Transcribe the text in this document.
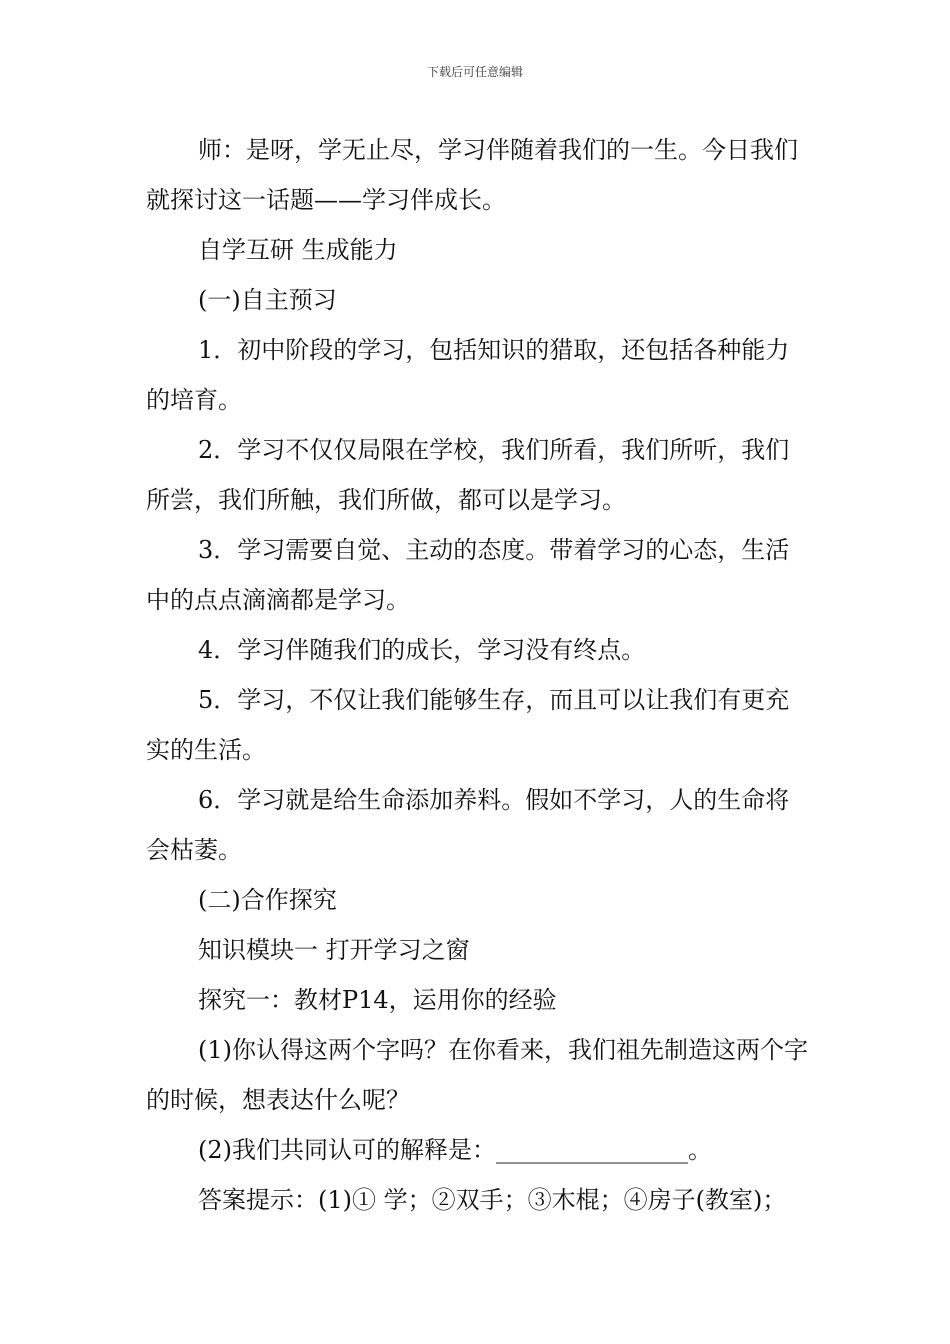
下载后可任意编辑

师：是呀，学无止尽，学习伴随着我们的一生。今日我们就探讨这一话题——学习伴成长。

自学互研 生成能力

(一)自主预习

1．初中阶段的学习，包括知识的猎取，还包括各种能力的培育。

2．学习不仅仅局限在学校，我们所看，我们所听，我们所尝，我们所触，我们所做，都可以是学习。

3．学习需要自觉、主动的态度。带着学习的心态，生活中的点点滴滴都是学习。

4．学习伴随我们的成长，学习没有终点。

5．学习，不仅让我们能够生存，而且可以让我们有更充实的生活。

6．学习就是给生命添加养料。假如不学习，人的生命将会枯萎。

(二)合作探究

知识模块一 打开学习之窗

探究一：教材P14，运用你的经验

(1)你认得这两个字吗？在你看来，我们祖先制造这两个字的时候，想表达什么呢？

(2)我们共同认可的解释是：________________。

答案提示：(1)① 学；②双手；③木棍；④房子(教室)；
